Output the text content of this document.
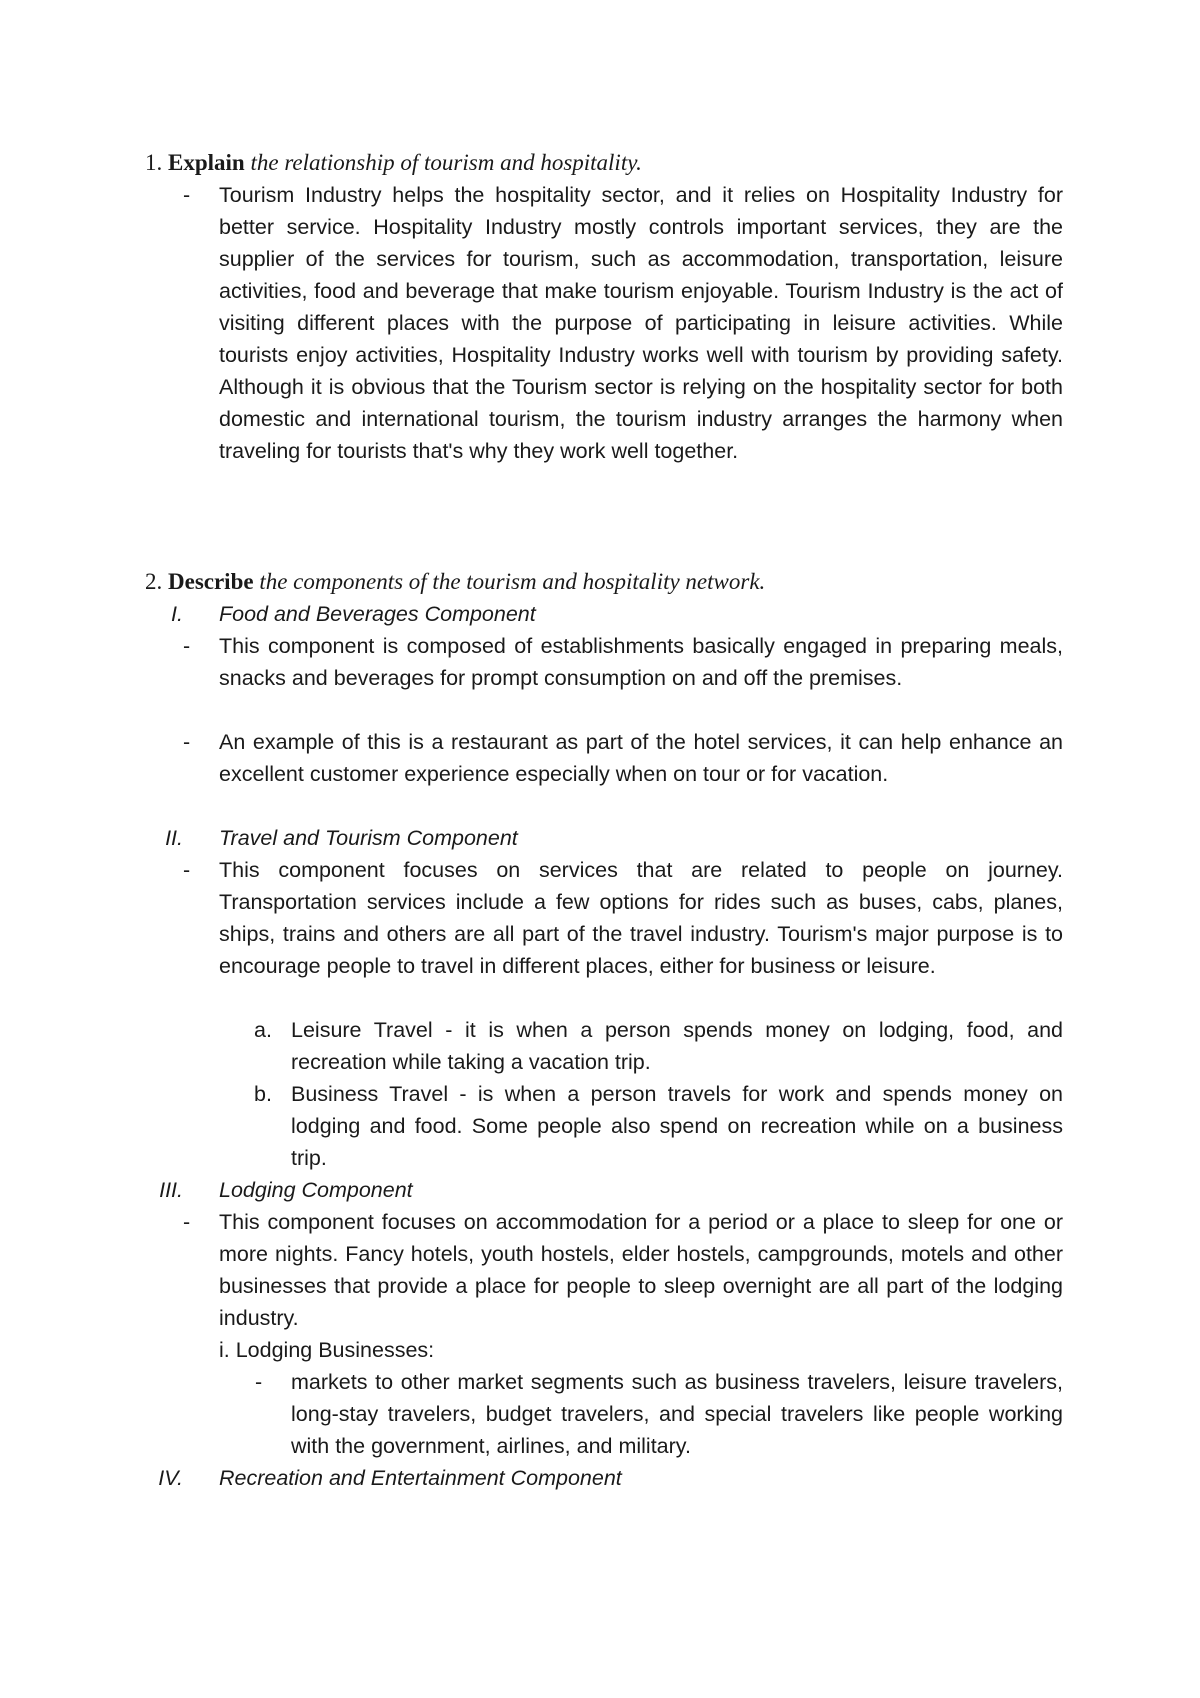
1. Explain the relationship of tourism and hospitality.
- Tourism Industry helps the hospitality sector, and it relies on Hospitality Industry for better service. Hospitality Industry mostly controls important services, they are the supplier of the services for tourism, such as accommodation, transportation, leisure activities, food and beverage that make tourism enjoyable. Tourism Industry is the act of visiting different places with the purpose of participating in leisure activities. While tourists enjoy activities, Hospitality Industry works well with tourism by providing safety. Although it is obvious that the Tourism sector is relying on the hospitality sector for both domestic and international tourism, the tourism industry arranges the harmony when traveling for tourists that's why they work well together.
2. Describe the components of the tourism and hospitality network.
I. Food and Beverages Component
- This component is composed of establishments basically engaged in preparing meals, snacks and beverages for prompt consumption on and off the premises.
- An example of this is a restaurant as part of the hotel services, it can help enhance an excellent customer experience especially when on tour or for vacation.
II. Travel and Tourism Component
- This component focuses on services that are related to people on journey. Transportation services include a few options for rides such as buses, cabs, planes, ships, trains and others are all part of the travel industry. Tourism's major purpose is to encourage people to travel in different places, either for business or leisure.
a. Leisure Travel - it is when a person spends money on lodging, food, and recreation while taking a vacation trip.
b. Business Travel - is when a person travels for work and spends money on lodging and food. Some people also spend on recreation while on a business trip.
III. Lodging Component
- This component focuses on accommodation for a period or a place to sleep for one or more nights. Fancy hotels, youth hostels, elder hostels, campgrounds, motels and other businesses that provide a place for people to sleep overnight are all part of the lodging industry.
i. Lodging Businesses:
- markets to other market segments such as business travelers, leisure travelers, long-stay travelers, budget travelers, and special travelers like people working with the government, airlines, and military.
IV. Recreation and Entertainment Component
